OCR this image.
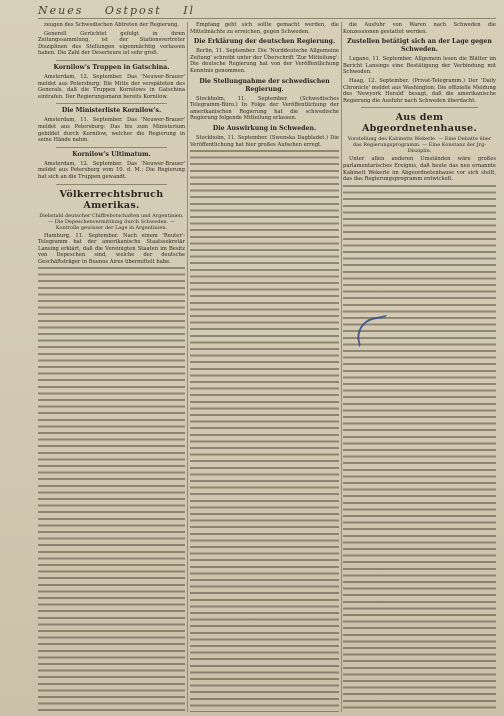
Neues Ostpost Il

zeugen des Schwedischen Abtreten der Regierung.

Generell Gerüchtet gefolgt in ihren Zeitungssammlung, ist der Stationsvertreter Disziplinen des Stellungen eigenmächtig verlassen haben. Die Zahl der Deserteure ist sehr groß.

Kornilow's Truppen in Gatschina.

Amsterdam, 12. September. Das 'Neuwer-Brauer' meldet aus Petersburg: Die Mitte der verspäteten des Generals, daß die Truppen Kornilows in Gatschina eintrafen. Der Regierungsmann bereits Kornilow.

Die Ministerliste Kornilow's.

Amsterdam, 11. September. Das 'Neuwer-Brauer' meldet aus Petersburg: Das bis zum Ministerium gebildet durch Kornilow, welcher die Regierung in seine Hände nahm.

Kornilow's Ultimatum.

Amsterdam, 12. September. Das 'Neuwer-Brauer' meldet aus Petersburg vom 10. d. M.: Die Regierung hat sich an die Truppen gewandt.

Völkerrechtsbruch Amerikas.
Diebstahl deutscher Chiffrebotschaften und Argentinien. — Die Depeschenvermittlung durch Schweden. — Kontrolle gewisser der Lage in Argentinien.

Hamburg, 11. September. Nach einem 'Reuter'-Telegramm hat der amerikanische Staatssekretär Lansing erklärt, daß die Vereinigten Staaten im Besitz von Depeschen sind, welche der deutsche Geschäftsträger in Buenos Aires übermittelt habe.

Empfang geht sich sollte gemacht werden, die Mittelmächte zu erreichen, gegen Schweden.

Die Erklärung der deutschen Regierung.

Berlin, 11. September. Die 'Norddeutsche Allgemeine Zeitung' schreibt unter der Überschrift 'Zur Mitteilung': Die deutsche Regierung hat von der Veröffentlichung Kenntnis genommen.

Die Stellungnahme der schwedischen Regierung.

Stockholm, 11. September. (Schwedisches Telegramm-Büro.) In Folge der Veröffentlichung der amerikanischen Regierung hat die schwedische Regierung folgende Mitteilung erlassen.

Die Auswirkung in Schweden.

Stockholm, 11. September. (Swenska Dagbladet.) Die Veröffentlichung hat hier großes Aufsehen erregt.

die Ausfuhr von Waren nach Schweden die Konzessionen gestattet werden.

Zustellen betätigt sich an der Lage gegen Schweden.

Lugano, 11. September. Allgemein lesen die Blätter im Bericht Lansings eine Bestätigung der Verbindung mit Schweden.

Haag, 12. September. (Privat-Telegramm.) Der 'Daily Chronicle' meldet aus Washington: Die offizielle Meldung des 'Newyork Herald' besagt, daß die amerikanische Regierung die Ausfuhr nach Schweden überdacht.

Aus dem Abgeordnetenhause.
Vorstellung des Kabinetts Wekerle. — Eine Debatte über das Regierungsprogramm. — Eine Konstanz der Jrg-Disziplin.

Unter allen anderen Umständen wäre großes parlamentarisches Ereignis, daß heute das neu ernannte Kabinett Wekerle im Abgeordnetenhause vor sich stellt, das das Regierungsprogramm entwickelt.
